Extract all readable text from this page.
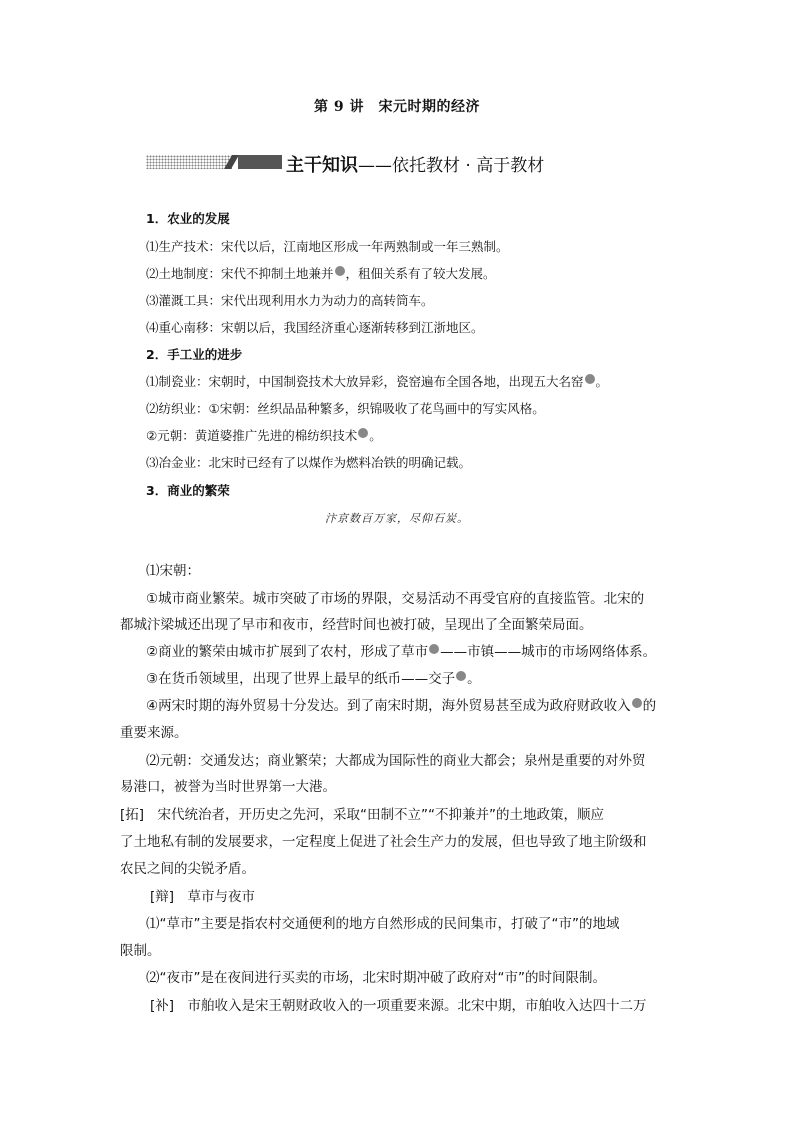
第 9 讲　宋元时期的经济
主干知识——依托教材 · 高于教材
1．农业的发展
⑴生产技术：宋代以后，江南地区形成一年两熟制或一年三熟制。
⑵土地制度：宋代不抑制土地兼并 ，租佃关系有了较大发展。
⑶灌溉工具：宋代出现利用水力为动力的高转筒车。
⑷重心南移：宋朝以后，我国经济重心逐渐转移到江浙地区。
2．手工业的进步
⑴制瓷业：宋朝时，中国制瓷技术大放异彩，瓷窑遍布全国各地，出现五大名窑 。
⑵纺织业：①宋朝：丝织品品种繁多，织锦吸收了花鸟画中的写实风格。
②元朝：黄道婆推广先进的棉纺织技术 。
⑶冶金业：北宋时已经有了以煤作为燃料冶铁的明确记载。
3．商业的繁荣
汴京数百万家，尽仰石炭。
⑴宋朝：
①城市商业繁荣。城市突破了市场的界限，交易活动不再受官府的直接监管。北宋的
都城汴梁城还出现了早市和夜市，经营时间也被打破，呈现出了全面繁荣局面。
②商业的繁荣由城市扩展到了农村，形成了草市 ——市镇——城市的市场网络体系。
③在货币领域里，出现了世界上最早的纸币——交子 。
④两宋时期的海外贸易十分发达。到了南宋时期，海外贸易甚至成为政府财政收入 的
重要来源。
⑵元朝：交通发达；商业繁荣；大都成为国际性的商业大都会；泉州是重要的对外贸
易港口，被誉为当时世界第一大港。
[拓]　宋代统治者，开历史之先河，采取“田制不立”“不抑兼并”的土地政策，顺应
了土地私有制的发展要求，一定程度上促进了社会生产力的发展，但也导致了地主阶级和
农民之间的尖锐矛盾。
[辩]　草市与夜市
⑴“草市”主要是指农村交通便利的地方自然形成的民间集市，打破了“市”的地域
限制。
⑵“夜市”是在夜间进行买卖的市场，北宋时期冲破了政府对“市”的时间限制。
[补]　市舶收入是宋王朝财政收入的一项重要来源。北宋中期，市舶收入达四十二万
